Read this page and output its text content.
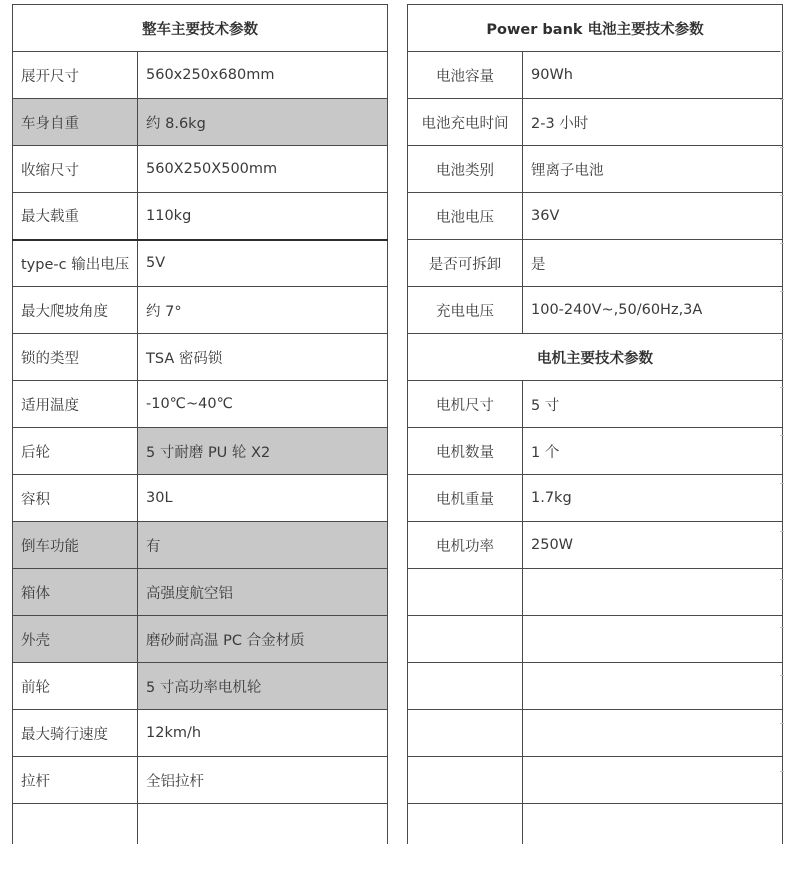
整车主要技术参数	
展开尺寸	560x250x680mm
车身自重	约 8.6kg
收缩尺寸	560X250X500mm
最大载重	110kg
type-c 输出电压	5V
最大爬坡角度	约 7°
锁的类型	TSA 密码锁
适用温度	-10℃~40℃
后轮	5 寸耐磨 PU 轮 X2
容积	30L
倒车功能	有
箱体	高强度航空铝
外壳	磨砂耐高温 PC 合金材质
前轮	5 寸高功率电机轮
最大骑行速度	12km/h
拉杆	全铝拉杆

Power bank 电池主要技术参数	
电池容量	90Wh
电池充电时间	2-3 小时
电池类别	锂离子电池
电池电压	36V
是否可拆卸	是
充电电压	100-240V~,50/60Hz,3A
电机主要技术参数	
电机尺寸	5 寸
电机数量	1 个
电机重量	1.7kg
电机功率	250W
